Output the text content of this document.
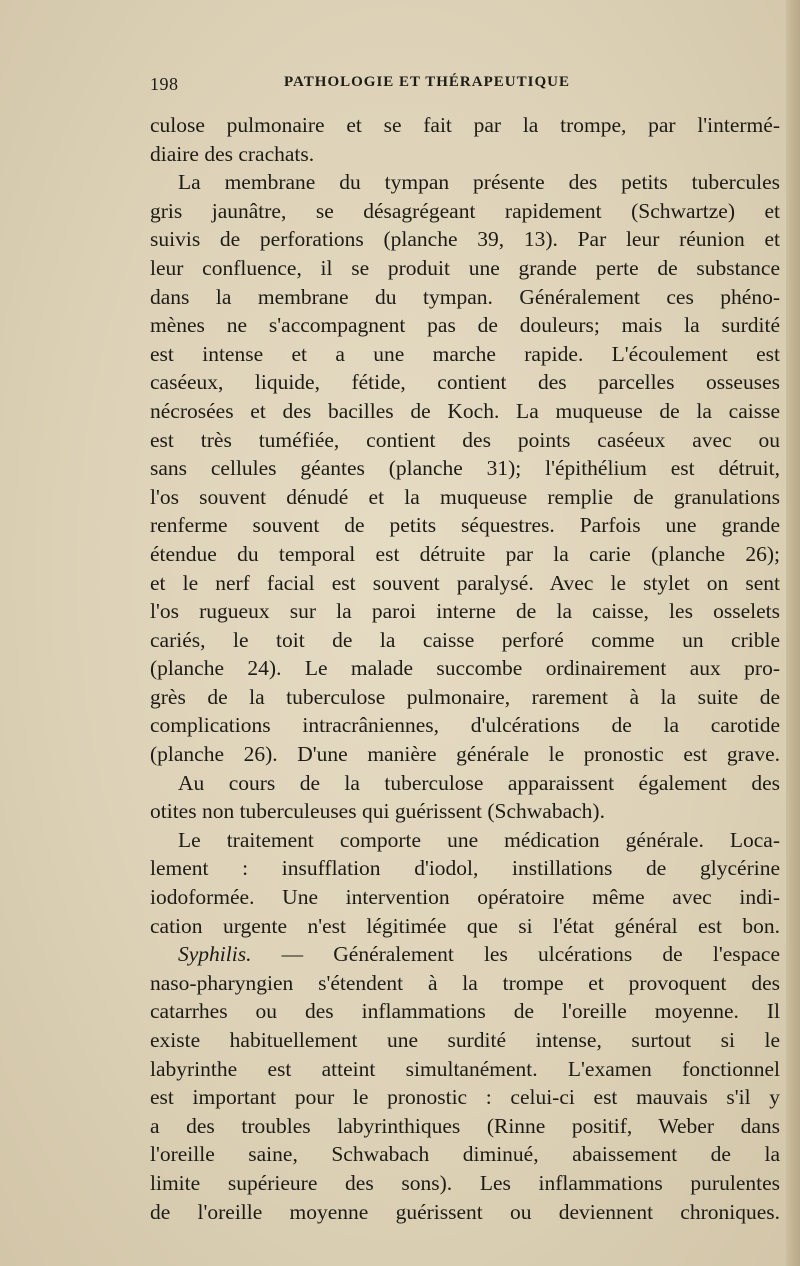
198	PATHOLOGIE ET THÉRAPEUTIQUE
culose pulmonaire et se fait par la trompe, par l'intermé-
diaire des crachats.
La membrane du tympan présente des petits tubercules
gris jaunâtre, se désagrégeant rapidement (Schwartze) et
suivis de perforations (planche 39, 13). Par leur réunion et
leur confluence, il se produit une grande perte de substance
dans la membrane du tympan. Généralement ces phéno-
mènes ne s'accompagnent pas de douleurs; mais la surdité
est intense et a une marche rapide. L'écoulement est
caséeux, liquide, fétide, contient des parcelles osseuses
nécrosées et des bacilles de Koch. La muqueuse de la caisse
est très tuméfiée, contient des points caséeux avec ou
sans cellules géantes (planche 31); l'épithélium est détruit,
l'os souvent dénudé et la muqueuse remplie de granulations
renferme souvent de petits séquestres. Parfois une grande
étendue du temporal est détruite par la carie (planche 26);
et le nerf facial est souvent paralysé. Avec le stylet on sent
l'os rugueux sur la paroi interne de la caisse, les osselets
cariés, le toit de la caisse perforé comme un crible
(planche 24). Le malade succombe ordinairement aux pro-
grès de la tuberculose pulmonaire, rarement à la suite de
complications intracrâniennes, d'ulcérations de la carotide
(planche 26). D'une manière générale le pronostic est grave.
Au cours de la tuberculose apparaissent également des
otites non tuberculeuses qui guérissent (Schwabach).
Le traitement comporte une médication générale. Loca-
lement : insufflation d'iodol, instillations de glycérine
iodoformée. Une intervention opératoire même avec indi-
cation urgente n'est légitimée que si l'état général est bon.
Syphilis. — Généralement les ulcérations de l'espace
naso-pharyngien s'étendent à la trompe et provoquent des
catarrhes ou des inflammations de l'oreille moyenne. Il
existe habituellement une surdité intense, surtout si le
labyrinthe est atteint simultanément. L'examen fonctionnel
est important pour le pronostic : celui-ci est mauvais s'il y
a des troubles labyrinthiques (Rinne positif, Weber dans
l'oreille saine, Schwabach diminué, abaissement de la
limite supérieure des sons). Les inflammations purulentes
de l'oreille moyenne guérissent ou deviennent chroniques.
